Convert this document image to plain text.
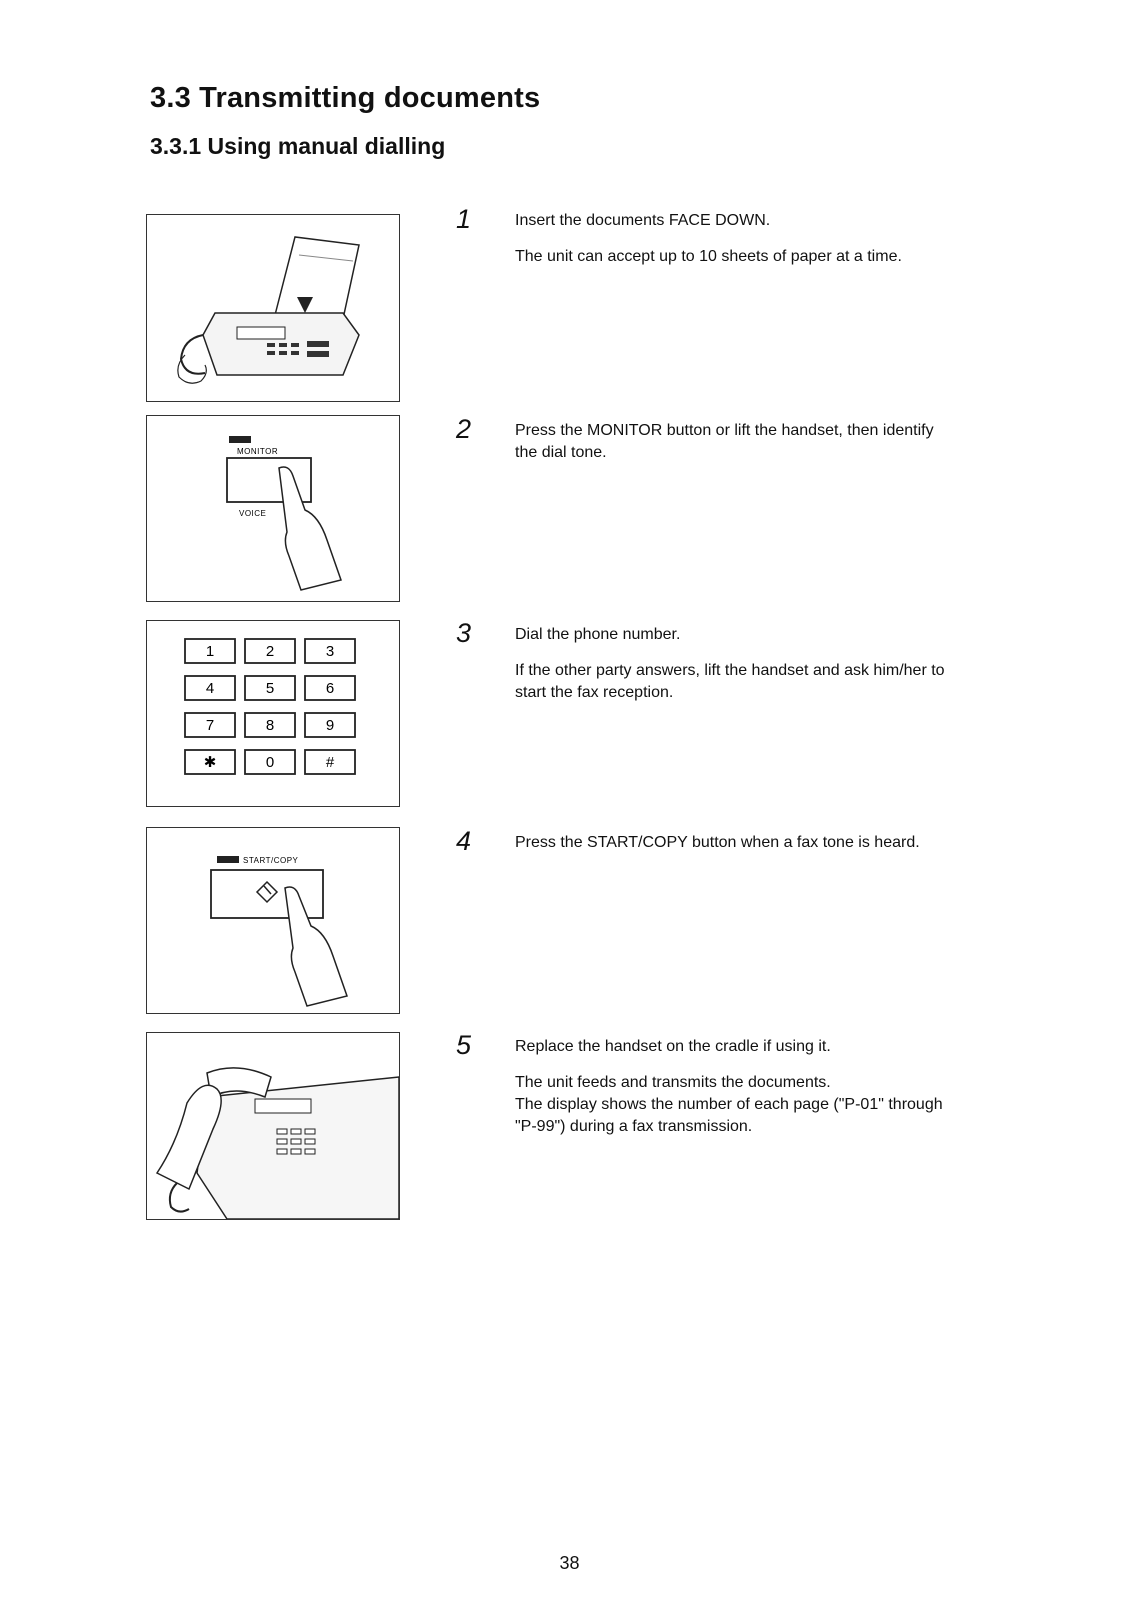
3.3 Transmitting documents
3.3.1 Using manual dialling
MONITOR
VOICE
1	2	3
4	5	6
7	8	9
✱	0	#
START/COPY
1	Insert the documents FACE DOWN.

The unit can accept up to 10 sheets of paper at a time.

2	Press the MONITOR button or lift the handset, then identify the dial tone.

3	Dial the phone number.

If the other party answers, lift the handset and ask him/her to start the fax reception.

4	Press the START/COPY button when a fax tone is heard.

5	Replace the handset on the cradle if using it.

The unit feeds and transmits the documents.
The display shows the number of each page ("P-01" through "P-99") during a fax transmission.

38
